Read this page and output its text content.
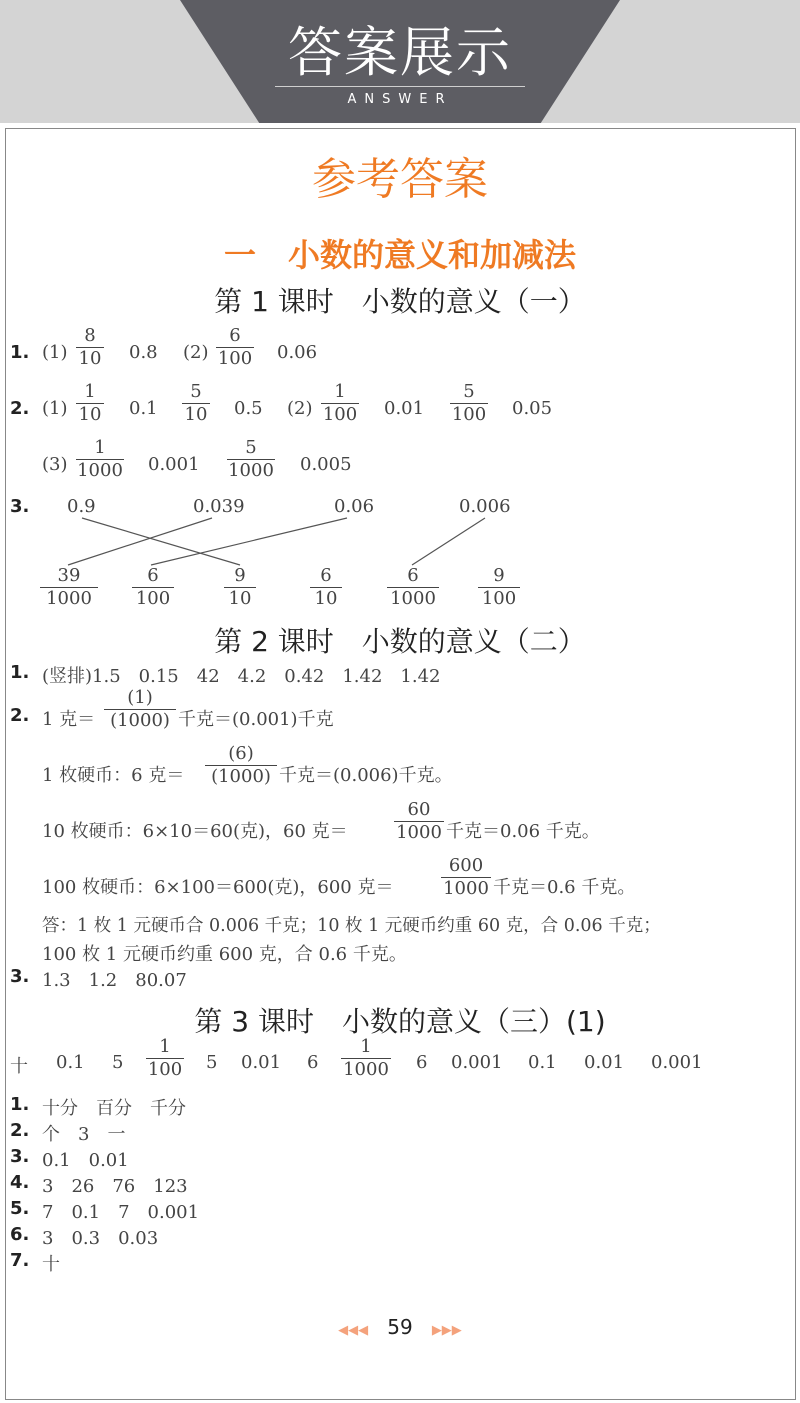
答案展示
ANSWER
参考答案
一　小数的意义和加减法
第 1 课时　小数的意义（一）
1. $(1) \frac{8}{10} 0.8$ $(2) \frac{6}{100} 0.06$
2. $(1) \frac{1}{10} 0.1 \frac{5}{10} 0.5$ $(2) \frac{1}{100} 0.01 \frac{5}{100} 0.05$
$(3) \frac{1}{1000} 0.001 \frac{5}{1000} 0.005$
3. 0.9	0.039	0.06	0.006
$\frac{39}{1000} \frac{6}{100}$	$\frac{9}{10}$	$\frac{6}{10}$	$\frac{6}{1000} \frac{9}{100}$
第 2 课时　小数的意义（二）
1. (竖排)1.5　0.15　42　4.2　0.42　1.42　1.42
2. 1 克＝ $\frac{(1)}{(1000)}$ 千克＝(0.001)千克
1 枚硬币：6 克＝ $\frac{(6)}{(1000)}$ 千克＝(0.006)千克。
10 枚硬币：6×10＝60(克)，60 克＝	$\frac{60}{1000}$ 千克＝0.06 千克。
100 枚硬币：6×100＝600(克)，600 克＝	$\frac{600}{1000}$ 千克＝0.6 千克。
答：1 枚 1 元硬币合 0.006 千克；10 枚 1 元硬币约重 60 克，合 0.06 千克；
100 枚 1 元硬币约重 600 克，合 0.6 千克。
3. 1.3　1.2　80.07
第 3 课时　小数的意义（三）(1)
十 0.1 $5 \frac{1}{100} 5$ 0.01 $6 \frac{1}{1000} 6$ 0.001 0.1 0.01 0.001
1. 十分　百分　千分
2. 个　3　一
3. 0.1　0.01
4. 3　26　76　123
5. 7　0.1　7　0.001
6. 3　0.3　0.03
7. 十
◀◀◀ 59 ▶▶▶
